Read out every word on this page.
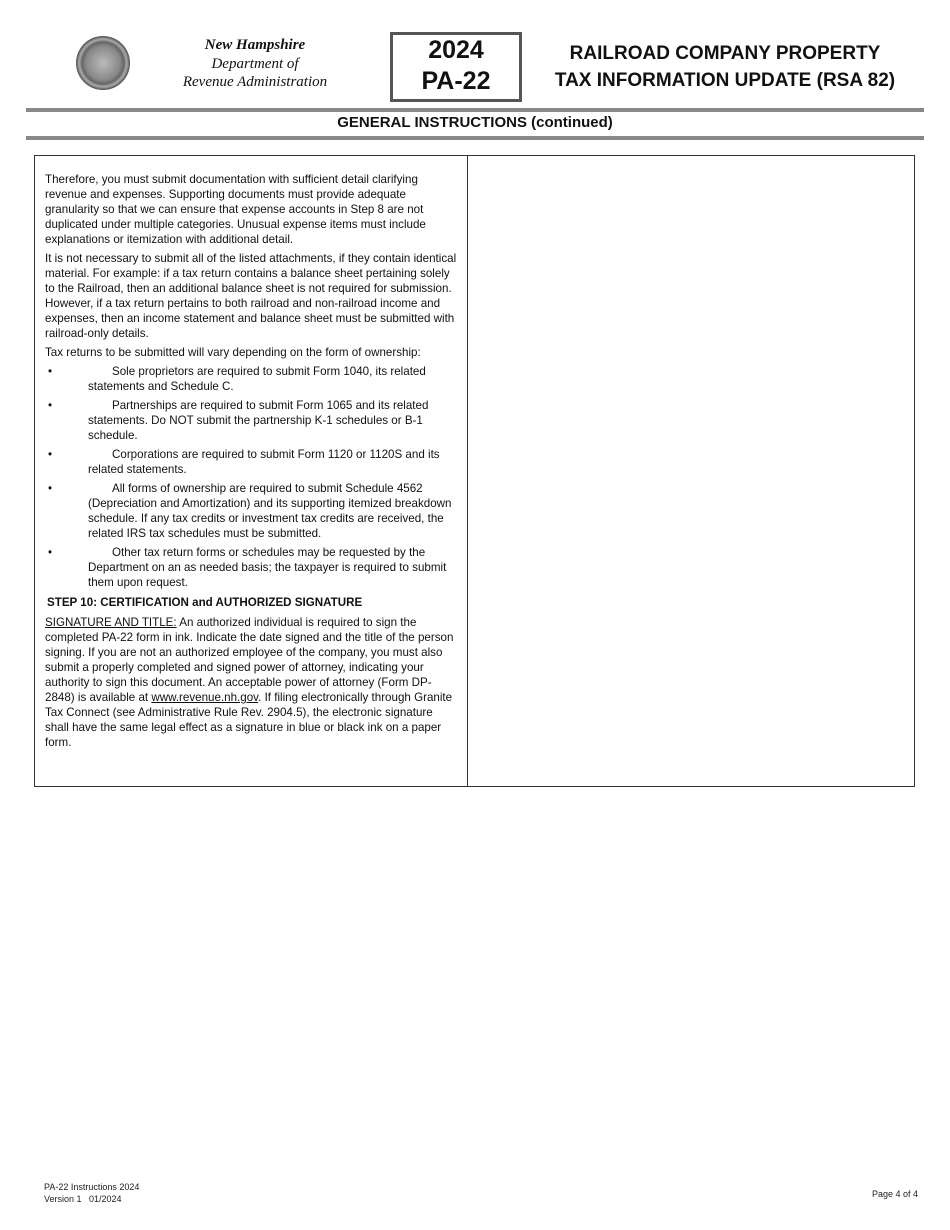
New Hampshire
Department of
Revenue Administration
2024
PA-22
RAILROAD COMPANY PROPERTY
TAX INFORMATION UPDATE (RSA 82)
GENERAL INSTRUCTIONS (continued)

Therefore, you must submit documentation with sufficient detail clarifying revenue and expenses. Supporting documents must provide adequate granularity so that we can ensure that expense accounts in Step 8 are not duplicated under multiple categories. Unusual expense items must include explanations or itemization with additional detail.

It is not necessary to submit all of the listed attachments, if they contain identical material. For example: if a tax return contains a balance sheet pertaining solely to the Railroad, then an additional balance sheet is not required for submission. However, if a tax return pertains to both railroad and non-railroad income and expenses, then an income statement and balance sheet must be submitted with railroad-only details.

Tax returns to be submitted will vary depending on the form of ownership:

•	Sole proprietors are required to submit Form 1040, its related statements and Schedule C.
•	Partnerships are required to submit Form 1065 and its related statements. Do NOT submit the partnership K-1 schedules or B-1 schedule.
•	Corporations are required to submit Form 1120 or 1120S and its related statements.
•	All forms of ownership are required to submit Schedule 4562 (Depreciation and Amortization) and its supporting itemized breakdown schedule. If any tax credits or investment tax credits are received, the related IRS tax schedules must be submitted.
•	Other tax return forms or schedules may be requested by the Department on an as needed basis; the taxpayer is required to submit them upon request.
STEP 10: CERTIFICATION and AUTHORIZED SIGNATURE

SIGNATURE AND TITLE: An authorized individual is required to sign the completed PA-22 form in ink. Indicate the date signed and the title of the person signing. If you are not an authorized employee of the company, you must also submit a properly completed and signed power of attorney, indicating your authority to sign this document. An acceptable power of attorney (Form DP-2848) is available at www.revenue.nh.gov. If filing electronically through Granite Tax Connect (see Administrative Rule Rev. 2904.5), the electronic signature shall have the same legal effect as a signature in blue or black ink on a paper form.

PA-22 Instructions 2024
Version 1   01/2024	Page 4 of 4
